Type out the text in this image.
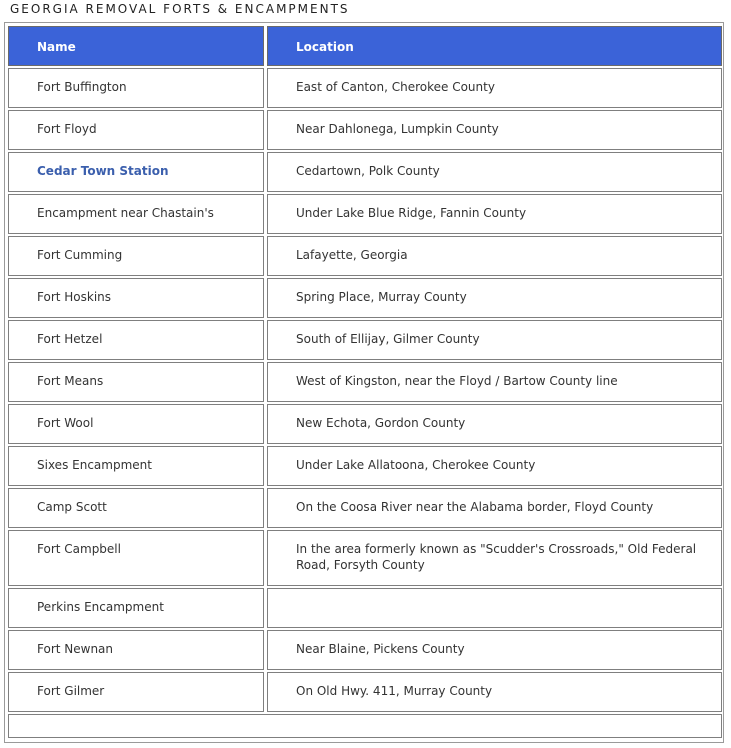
GEORGIA REMOVAL FORTS & ENCAMPMENTS
Name	Location
Fort Buffington	East of Canton, Cherokee County
Fort Floyd	Near Dahlonega, Lumpkin County
Cedar Town Station	Cedartown, Polk County
Encampment near Chastain's	Under Lake Blue Ridge, Fannin County
Fort Cumming	Lafayette, Georgia
Fort Hoskins	Spring Place, Murray County
Fort Hetzel	South of Ellijay, Gilmer County
Fort Means	West of Kingston, near the Floyd / Bartow County line
Fort Wool	New Echota, Gordon County
Sixes Encampment	Under Lake Allatoona, Cherokee County
Camp Scott	On the Coosa River near the Alabama border, Floyd County
Fort Campbell	In the area formerly known as "Scudder's Crossroads," Old Federal Road, Forsyth County
Perkins Encampment
Fort Newnan	Near Blaine, Pickens County
Fort Gilmer	On Old Hwy. 411, Murray County
